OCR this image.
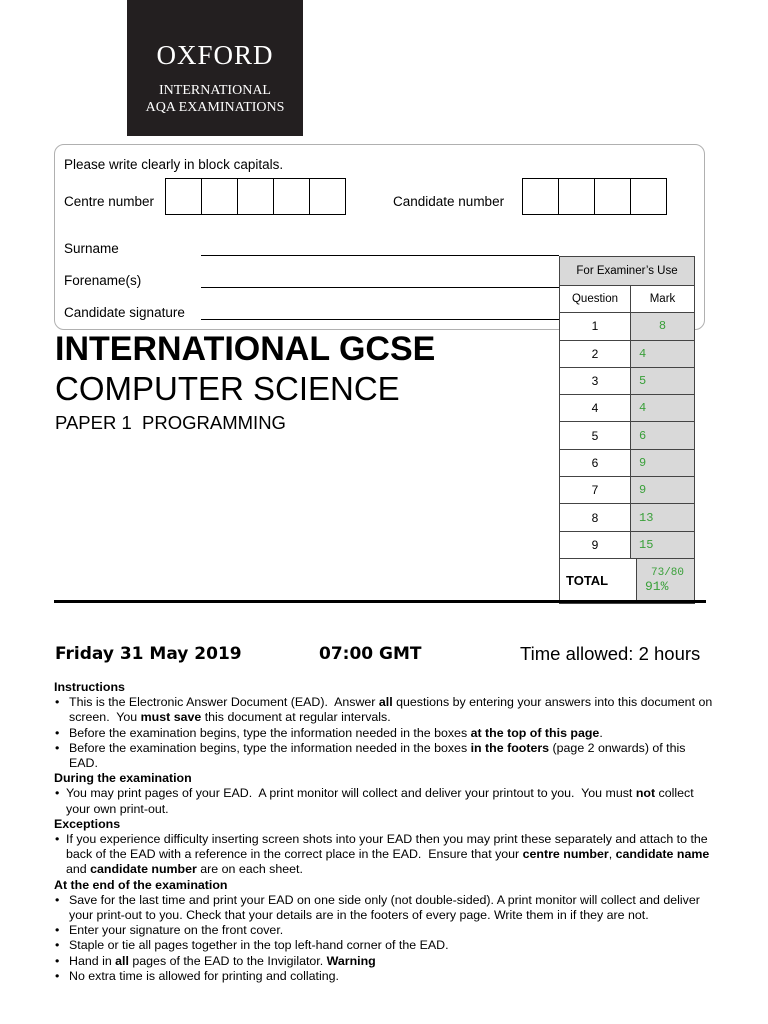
OXFORD
INTERNATIONAL
AQA EXAMINATIONS
Please write clearly in block capitals.
Centre number	Candidate number
Surname
Forename(s)
Candidate signature
For Examiner’s Use
Question	Mark
1	8
2	4
3	5
4	4
5	6
6	9
7	9
8	13
9	15
TOTAL	73/80
91%
INTERNATIONAL GCSE
COMPUTER SCIENCE
PAPER 1  PROGRAMMING
Friday 31 May 2019	07:00 GMT	Time allowed: 2 hours
Instructions
• This is the Electronic Answer Document (EAD).  Answer all questions by entering your answers into this document on screen.  You must save this document at regular intervals.
• Before the examination begins, type the information needed in the boxes at the top of this page.
• Before the examination begins, type the information needed in the boxes in the footers (page 2 onwards) of this EAD.
During the examination
• You may print pages of your EAD.  A print monitor will collect and deliver your printout to you.  You must not collect your own print-out.
Exceptions
• If you experience difficulty inserting screen shots into your EAD then you may print these separately and attach to the back of the EAD with a reference in the correct place in the EAD.  Ensure that your centre number, candidate name and candidate number are on each sheet.
At the end of the examination
• Save for the last time and print your EAD on one side only (not double-sided). A print monitor will collect and deliver your print-out to you. Check that your details are in the footers of every page. Write them in if they are not.
• Enter your signature on the front cover.
• Staple or tie all pages together in the top left-hand corner of the EAD.
• Hand in all pages of the EAD to the Invigilator. Warning
• No extra time is allowed for printing and collating.
